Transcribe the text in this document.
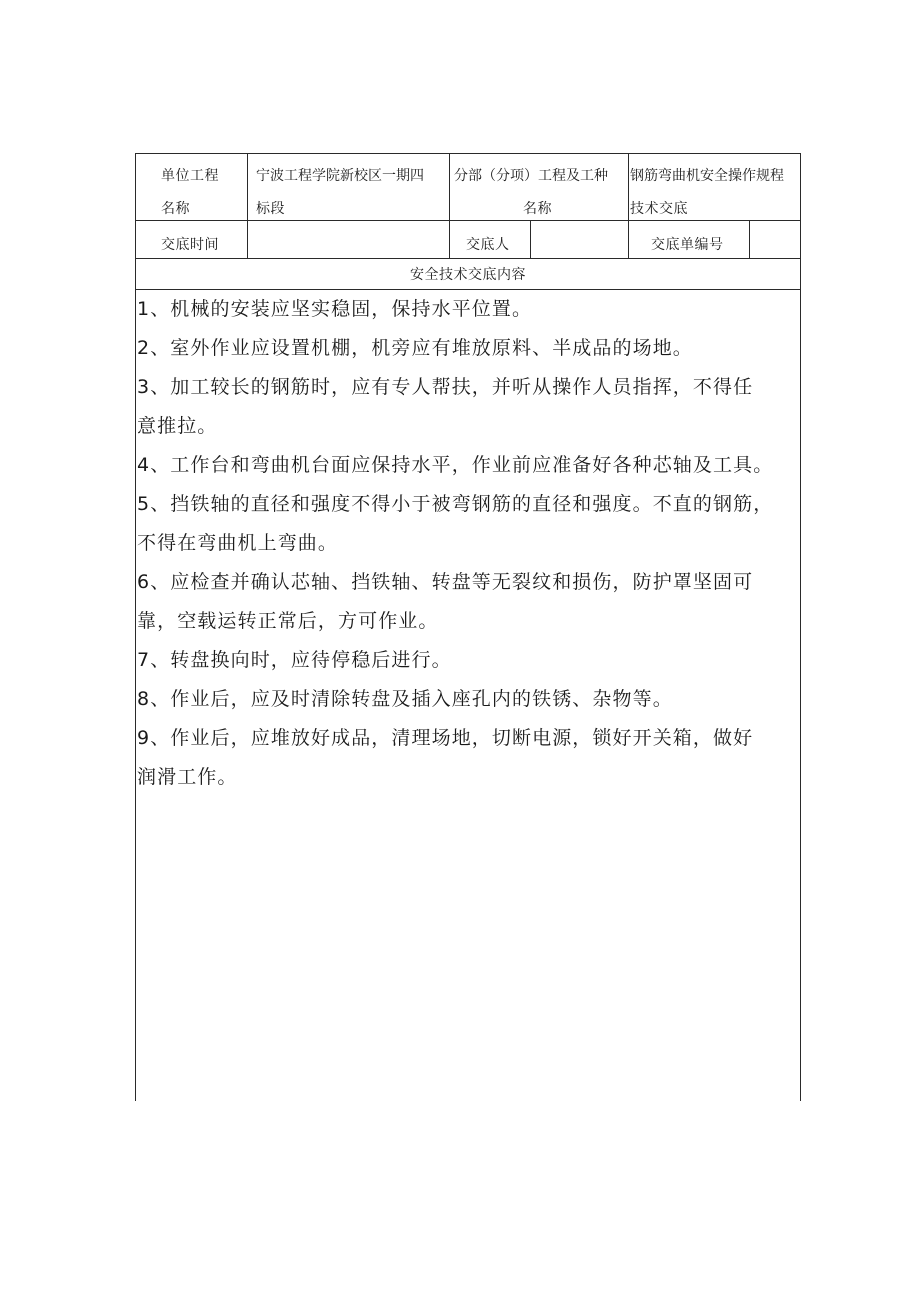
单位工程
名称
宁波工程学院新校区一期四
标段
分部（分项）工程及工种
名称
钢筋弯曲机安全操作规程
技术交底
交底时间	交底人	交底单编号
安全技术交底内容

1、机械的安装应坚实稳固，保持水平位置。

2、室外作业应设置机棚，机旁应有堆放原料、半成品的场地。

3、加工较长的钢筋时，应有专人帮扶，并听从操作人员指挥，不得任

意推拉。

4、工作台和弯曲机台面应保持水平，作业前应准备好各种芯轴及工具。

5、挡铁轴的直径和强度不得小于被弯钢筋的直径和强度。不直的钢筋，

不得在弯曲机上弯曲。

6、应检查并确认芯轴、挡铁轴、转盘等无裂纹和损伤，防护罩坚固可

靠，空载运转正常后，方可作业。

7、转盘换向时，应待停稳后进行。

8、作业后，应及时清除转盘及插入座孔内的铁锈、杂物等。

9、作业后，应堆放好成品，清理场地，切断电源，锁好开关箱，做好

润滑工作。
